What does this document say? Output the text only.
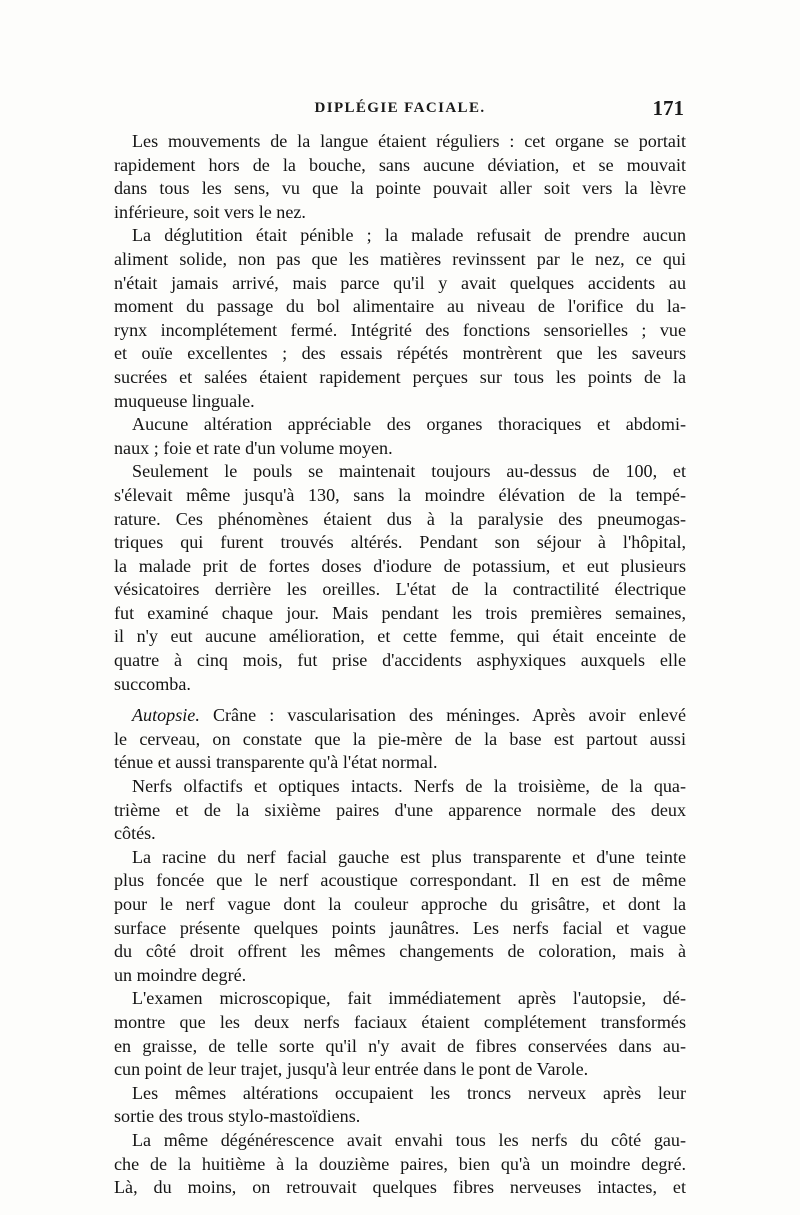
DIPLÉGIE FACIALE.	171
Les mouvements de la langue étaient réguliers : cet organe se portait
rapidement hors de la bouche, sans aucune déviation, et se mouvait
dans tous les sens, vu que la pointe pouvait aller soit vers la lèvre
inférieure, soit vers le nez.
La déglutition était pénible ; la malade refusait de prendre aucun
aliment solide, non pas que les matières revinssent par le nez, ce qui
n'était jamais arrivé, mais parce qu'il y avait quelques accidents au
moment du passage du bol alimentaire au niveau de l'orifice du la-
rynx incomplétement fermé. Intégrité des fonctions sensorielles ; vue
et ouïe excellentes ; des essais répétés montrèrent que les saveurs
sucrées et salées étaient rapidement perçues sur tous les points de la
muqueuse linguale.
Aucune altération appréciable des organes thoraciques et abdomi-
naux ; foie et rate d'un volume moyen.
Seulement le pouls se maintenait toujours au-dessus de 100, et
s'élevait même jusqu'à 130, sans la moindre élévation de la tempé-
rature. Ces phénomènes étaient dus à la paralysie des pneumogas-
triques qui furent trouvés altérés. Pendant son séjour à l'hôpital,
la malade prit de fortes doses d'iodure de potassium, et eut plusieurs
vésicatoires derrière les oreilles. L'état de la contractilité électrique
fut examiné chaque jour. Mais pendant les trois premières semaines,
il n'y eut aucune amélioration, et cette femme, qui était enceinte de
quatre à cinq mois, fut prise d'accidents asphyxiques auxquels elle
succomba.
Autopsie. Crâne : vascularisation des méninges. Après avoir enlevé
le cerveau, on constate que la pie-mère de la base est partout aussi
ténue et aussi transparente qu'à l'état normal.
Nerfs olfactifs et optiques intacts. Nerfs de la troisième, de la qua-
trième et de la sixième paires d'une apparence normale des deux
côtés.
La racine du nerf facial gauche est plus transparente et d'une teinte
plus foncée que le nerf acoustique correspondant. Il en est de même
pour le nerf vague dont la couleur approche du grisâtre, et dont la
surface présente quelques points jaunâtres. Les nerfs facial et vague
du côté droit offrent les mêmes changements de coloration, mais à
un moindre degré.
L'examen microscopique, fait immédiatement après l'autopsie, dé-
montre que les deux nerfs faciaux étaient complétement transformés
en graisse, de telle sorte qu'il n'y avait de fibres conservées dans au-
cun point de leur trajet, jusqu'à leur entrée dans le pont de Varole.
Les mêmes altérations occupaient les troncs nerveux après leur
sortie des trous stylo-mastoïdiens.
La même dégénérescence avait envahi tous les nerfs du côté gau-
che de la huitième à la douzième paires, bien qu'à un moindre degré.
Là, du moins, on retrouvait quelques fibres nerveuses intactes, et
